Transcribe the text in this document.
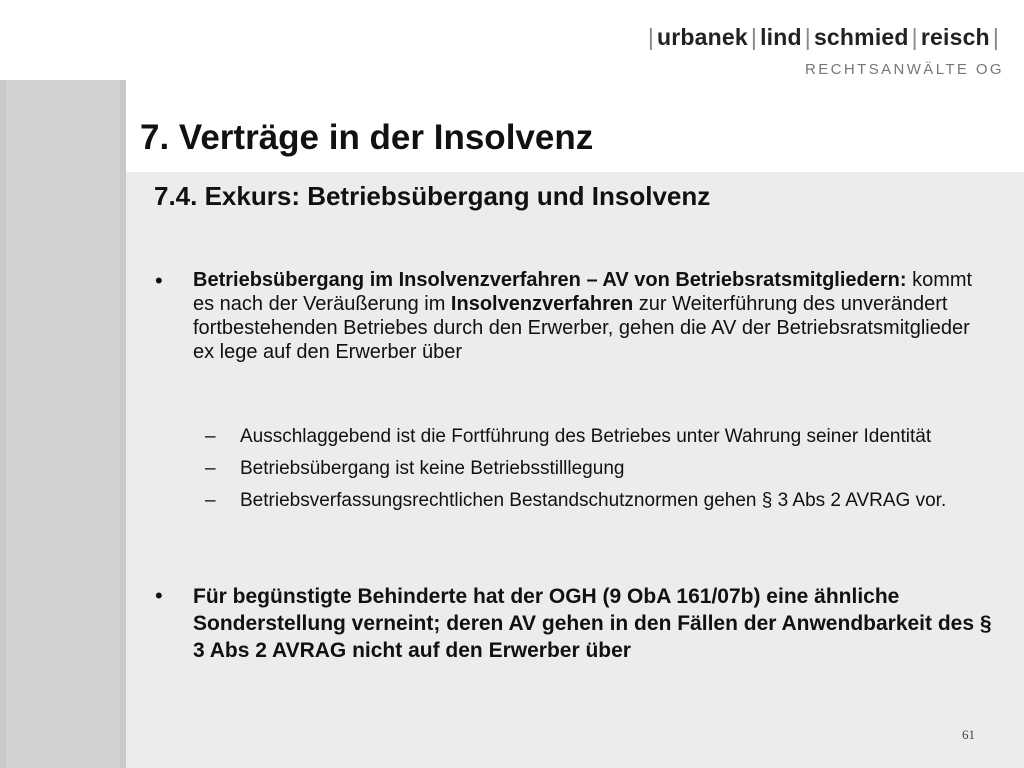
| urbanek | lind | schmied | reisch |
RECHTSANWÄLTE OG
7. Verträge in der Insolvenz
7.4. Exkurs: Betriebsübergang und Insolvenz
• Betriebsübergang im Insolvenzverfahren – AV von Betriebsratsmitgliedern: kommt es nach der Veräußerung im Insolvenzverfahren zur Weiterführung des unverändert fortbestehenden Betriebes durch den Erwerber, gehen die AV der Betriebsratsmitglieder ex lege auf den Erwerber über
– Ausschlaggebend ist die Fortführung des Betriebes unter Wahrung seiner Identität
– Betriebsübergang ist keine Betriebsstilllegung
– Betriebsverfassungsrechtlichen Bestandschutznormen gehen § 3 Abs 2 AVRAG vor.
• Für begünstigte Behinderte hat der OGH (9 ObA 161/07b) eine ähnliche Sonderstellung verneint; deren AV gehen in den Fällen der Anwendbarkeit des § 3 Abs 2 AVRAG nicht auf den Erwerber über
61
